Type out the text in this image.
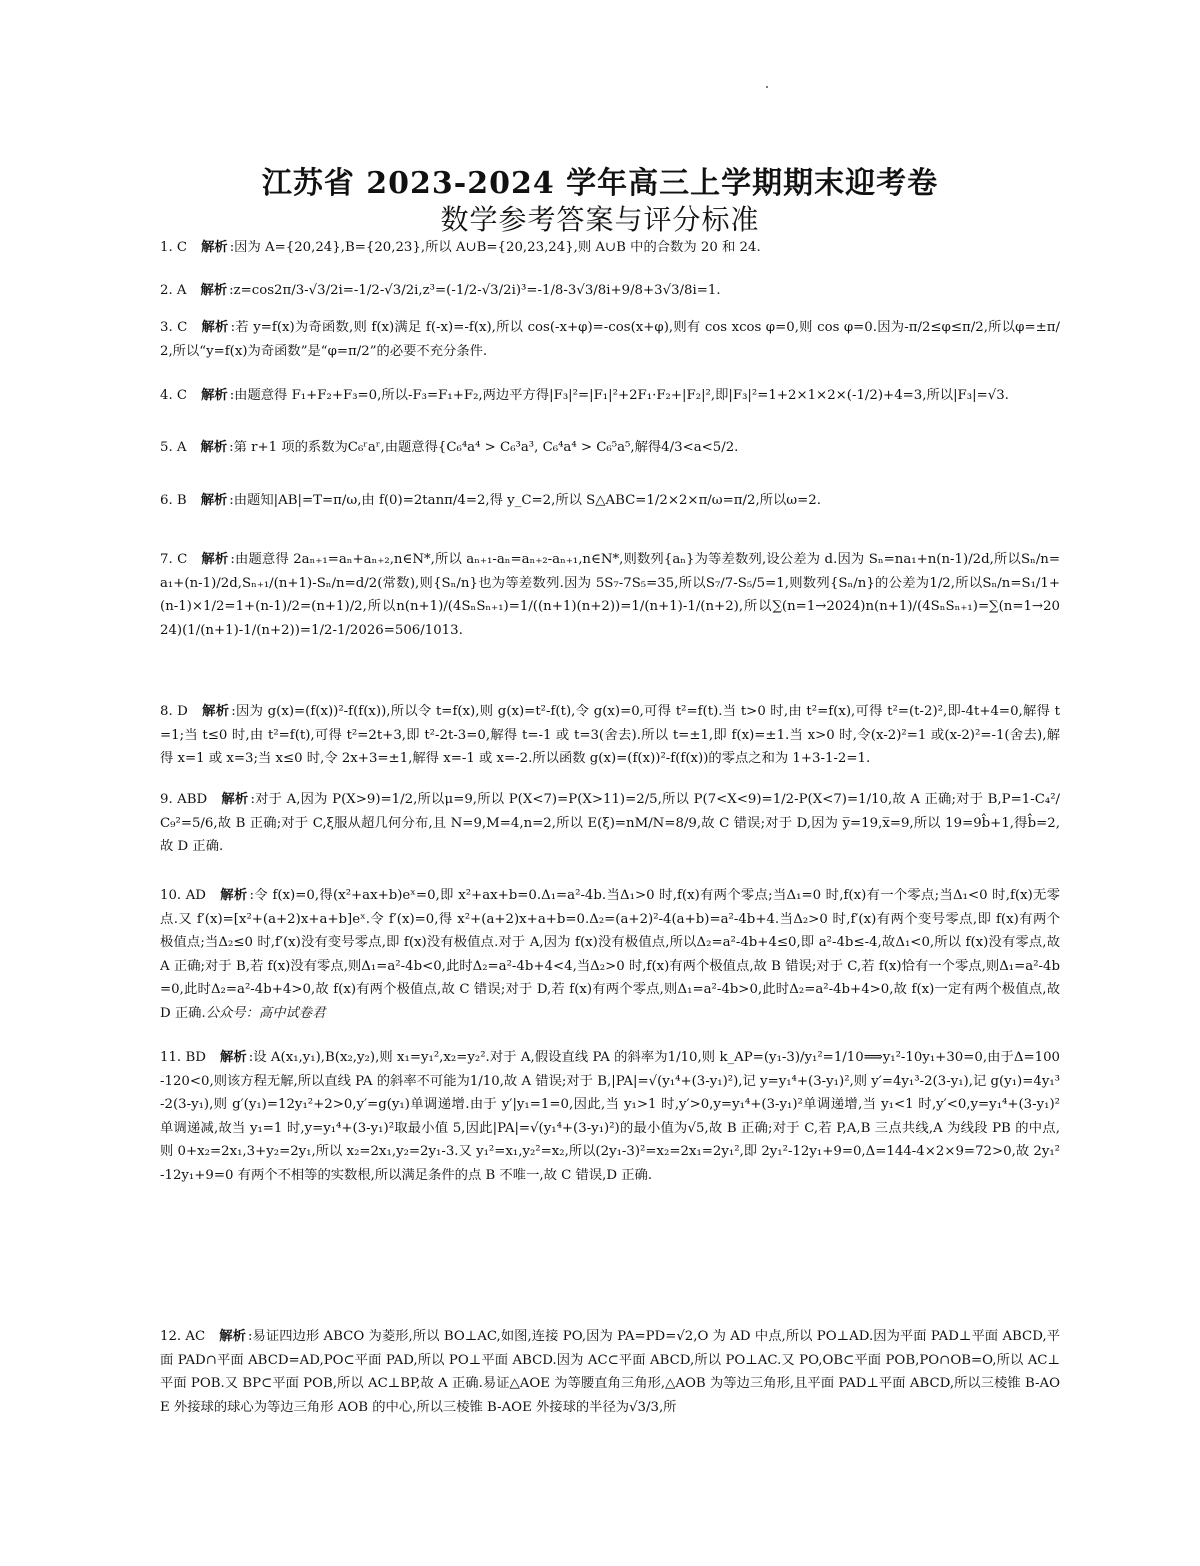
江苏省 2023-2024 学年高三上学期期末迎考卷
数学参考答案与评分标准
1. C 解析 :因为 A={20,24},B={20,23},所以 A∪B={20,23,24},则 A∪B 中的合数为 20 和 24.
2. A 解析 :z=cos2π/3-√3/2i=-1/2-√3/2i,z³=(-1/2-√3/2i)³=-1/8-3√3/8i+9/8+3√3/8i=1.
3. C 解析 :若 y=f(x)为奇函数,则 f(x)满足 f(-x)=-f(x),所以 cos(-x+φ)=-cos(x+φ),则有 cos xcos φ=0,则 cos φ=0.因为-π/2≤φ≤π/2,所以φ=±π/2,所以“y=f(x)为奇函数”是“φ=π/2”的必要不充分条件.
4. C 解析 :由题意得 F₁+F₂+F₃=0,所以-F₃=F₁+F₂,两边平方得|F₃|²=|F₁|²+2F₁·F₂+|F₂|²,即|F₃|²=1+2×1×2×(-1/2)+4=3,所以|F₃|=√3.
5. A 解析 :第 r+1 项的系数为C₆ʳaʳ,由题意得{C₆⁴a⁴ > C₆³a³, C₆⁴a⁴ > C₆⁵a⁵,解得4/3<a<5/2.
6. B 解析 :由题知|AB|=T=π/ω,由 f(0)=2tanπ/4=2,得 y_C=2,所以 S△ABC=1/2×2×π/ω=π/2,所以ω=2.
7. C 解析 :由题意得 2aₙ₊₁=aₙ+aₙ₊₂,n∈N*,所以 aₙ₊₁-aₙ=aₙ₊₂-aₙ₊₁,n∈N*,则数列{aₙ}为等差数列,设公差为 d.因为 Sₙ=na₁+n(n-1)/2d,所以Sₙ/n=a₁+(n-1)/2d,Sₙ₊₁/(n+1)-Sₙ/n=d/2(常数),则{Sₙ/n}也为等差数列.因为 5S₇-7S₅=35,所以S₇/7-S₅/5=1,则数列{Sₙ/n}的公差为1/2,所以Sₙ/n=S₁/1+(n-1)×1/2=1+(n-1)/2=(n+1)/2,所以n(n+1)/(4SₙSₙ₊₁)=1/((n+1)(n+2))=1/(n+1)-1/(n+2),所以∑(n=1→2024)n(n+1)/(4SₙSₙ₊₁)=∑(n=1→2024)(1/(n+1)-1/(n+2))=1/2-1/2026=506/1013.
8. D 解析 :因为 g(x)=(f(x))²-f(f(x)),所以令 t=f(x),则 g(x)=t²-f(t),令 g(x)=0,可得 t²=f(t).当 t>0 时,由 t²=f(x),可得 t²=(t-2)²,即-4t+4=0,解得 t=1;当 t≤0 时,由 t²=f(t),可得 t²=2t+3,即 t²-2t-3=0,解得 t=-1 或 t=3(舍去).所以 t=±1,即 f(x)=±1.当 x>0 时,令(x-2)²=1 或(x-2)²=-1(舍去),解得 x=1 或 x=3;当 x≤0 时,令 2x+3=±1,解得 x=-1 或 x=-2.所以函数 g(x)=(f(x))²-f(f(x))的零点之和为 1+3-1-2=1.
9. ABD 解析 :对于 A,因为 P(X>9)=1/2,所以μ=9,所以 P(X<7)=P(X>11)=2/5,所以 P(7<X<9)=1/2-P(X<7)=1/10,故 A 正确;对于 B,P=1-C₄²/C₉²=5/6,故 B 正确;对于 C,ξ服从超几何分布,且 N=9,M=4,n=2,所以 E(ξ)=nM/N=8/9,故 C 错误;对于 D,因为 y̅=19,x̅=9,所以 19=9b̂+1,得b̂=2,故 D 正确.
10. AD 解析 :令 f(x)=0,得(x²+ax+b)eˣ=0,即 x²+ax+b=0.Δ₁=a²-4b.当Δ₁>0 时,f(x)有两个零点;当Δ₁=0 时,f(x)有一个零点;当Δ₁<0 时,f(x)无零点.又 f′(x)=[x²+(a+2)x+a+b]eˣ.令 f′(x)=0,得 x²+(a+2)x+a+b=0.Δ₂=(a+2)²-4(a+b)=a²-4b+4.当Δ₂>0 时,f′(x)有两个变号零点,即 f(x)有两个极值点;当Δ₂≤0 时,f′(x)没有变号零点,即 f(x)没有极值点.对于 A,因为 f(x)没有极值点,所以Δ₂=a²-4b+4≤0,即 a²-4b≤-4,故Δ₁<0,所以 f(x)没有零点,故 A 正确;对于 B,若 f(x)没有零点,则Δ₁=a²-4b<0,此时Δ₂=a²-4b+4<4,当Δ₂>0 时,f(x)有两个极值点,故 B 错误;对于 C,若 f(x)恰有一个零点,则Δ₁=a²-4b=0,此时Δ₂=a²-4b+4>0,故 f(x)有两个极值点,故 C 错误;对于 D,若 f(x)有两个零点,则Δ₁=a²-4b>0,此时Δ₂=a²-4b+4>0,故 f(x)一定有两个极值点,故 D 正确.公众号：高中试卷君
11. BD 解析 :设 A(x₁,y₁),B(x₂,y₂),则 x₁=y₁²,x₂=y₂².对于 A,假设直线 PA 的斜率为1/10,则 k_AP=(y₁-3)/y₁²=1/10⟹y₁²-10y₁+30=0,由于Δ=100-120<0,则该方程无解,所以直线 PA 的斜率不可能为1/10,故 A 错误;对于 B,|PA|=√(y₁⁴+(3-y₁)²),记 y=y₁⁴+(3-y₁)²,则 y′=4y₁³-2(3-y₁),记 g(y₁)=4y₁³-2(3-y₁),则 g′(y₁)=12y₁²+2>0,y′=g(y₁)单调递增.由于 y′|y₁=1=0,因此,当 y₁>1 时,y′>0,y=y₁⁴+(3-y₁)²单调递增,当 y₁<1 时,y′<0,y=y₁⁴+(3-y₁)²单调递减,故当 y₁=1 时,y=y₁⁴+(3-y₁)²取最小值 5,因此|PA|=√(y₁⁴+(3-y₁)²)的最小值为√5,故 B 正确;对于 C,若 P,A,B 三点共线,A 为线段 PB 的中点,则 0+x₂=2x₁,3+y₂=2y₁,所以 x₂=2x₁,y₂=2y₁-3.又 y₁²=x₁,y₂²=x₂,所以(2y₁-3)²=x₂=2x₁=2y₁²,即 2y₁²-12y₁+9=0,Δ=144-4×2×9=72>0,故 2y₁²-12y₁+9=0 有两个不相等的实数根,所以满足条件的点 B 不唯一,故 C 错误,D 正确.
12. AC 解析 :易证四边形 ABCO 为菱形,所以 BO⊥AC,如图,连接 PO,因为 PA=PD=√2,O 为 AD 中点,所以 PO⊥AD.因为平面 PAD⊥平面 ABCD,平面 PAD∩平面 ABCD=AD,PO⊂平面 PAD,所以 PO⊥平面 ABCD.因为 AC⊂平面 ABCD,所以 PO⊥AC.又 PO,OB⊂平面 POB,PO∩OB=O,所以 AC⊥平面 POB.又 BP⊂平面 POB,所以 AC⊥BP,故 A 正确.易证△AOE 为等腰直角三角形,△AOB 为等边三角形,且平面 PAD⊥平面 ABCD,所以三棱锥 B-AOE 外接球的球心为等边三角形 AOB 的中心,所以三棱锥 B-AOE 外接球的半径为√3/3,所
